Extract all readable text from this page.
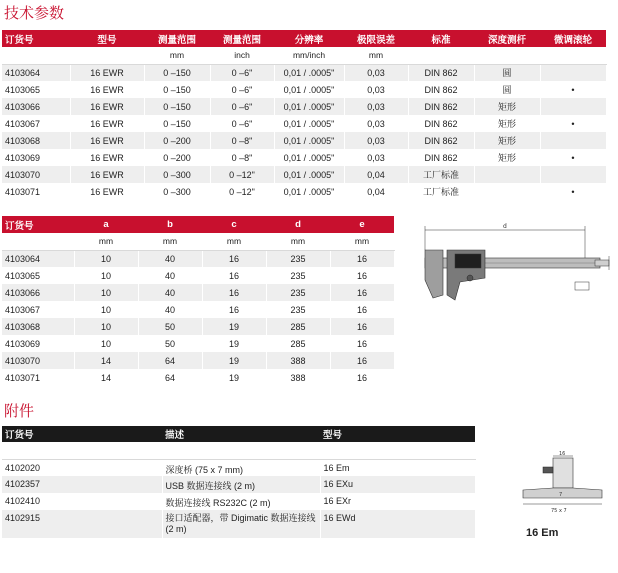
技术参数
订货号	型号	测量范围	测量范围	分辨率	极限误差	标准	深度测杆	微调滚轮
		mm	inch	mm/inch	mm			
4103064	16 EWR	0 –150	0 –6"	0,01 / .0005"	0,03	DIN 862	圆	
4103065	16 EWR	0 –150	0 –6"	0,01 / .0005"	0,03	DIN 862	圆	•
4103066	16 EWR	0 –150	0 –6"	0,01 / .0005"	0,03	DIN 862	矩形	
4103067	16 EWR	0 –150	0 –6"	0,01 / .0005"	0,03	DIN 862	矩形	•
4103068	16 EWR	0 –200	0 –8"	0,01 / .0005"	0,03	DIN 862	矩形	
4103069	16 EWR	0 –200	0 –8"	0,01 / .0005"	0,03	DIN 862	矩形	•
4103070	16 EWR	0 –300	0 –12"	0,01 / .0005"	0,04	工厂标准		
4103071	16 EWR	0 –300	0 –12"	0,01 / .0005"	0,04	工厂标准		•
订货号	a	b	c	d	e
	mm	mm	mm	mm	mm
4103064	10	40	16	235	16
4103065	10	40	16	235	16
4103066	10	40	16	235	16
4103067	10	40	16	235	16
4103068	10	50	19	285	16
4103069	10	50	19	285	16
4103070	14	64	19	388	16
4103071	14	64	19	388	16
d
附件
订货号	描述	型号

4102020	深度桥 (75 x 7 mm)	16 Em
4102357	USB 数据连接线 (2 m)	16 EXu
4102410	数据连接线 RS232C (2 m)	16 EXr
4102915	接口适配器，带 Digimatic 数据连接线 (2 m)	16 EWd
16
75 x 7
7
16 Em
